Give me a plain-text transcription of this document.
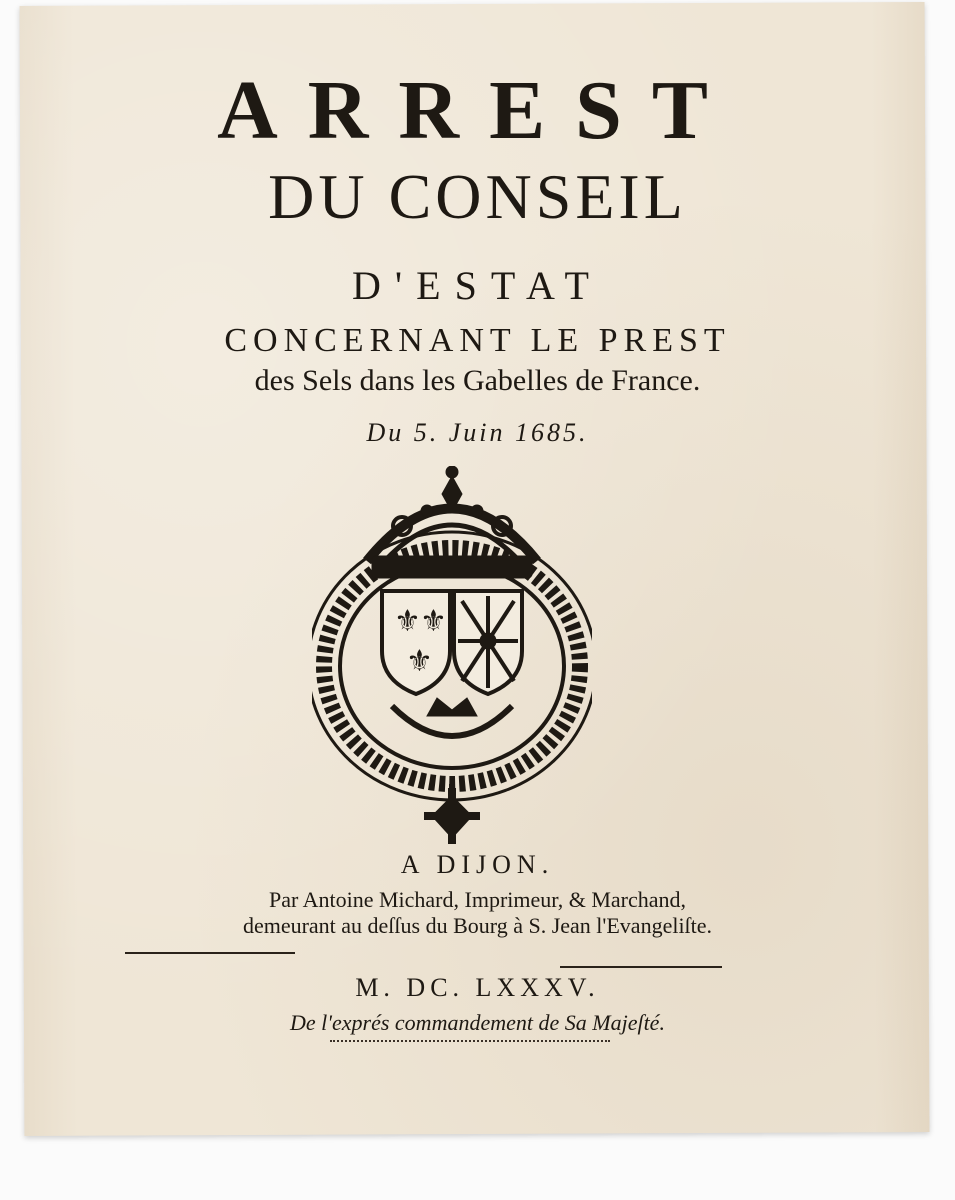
ARREST
DU CONSEIL
D'ESTAT
CONCERNANT LE PREST
des Sels dans les Gabelles de France.
Du 5. Juin 1685.
⚜ ⚜
⚜
A DIJON.
Par Antoine Michard, Imprimeur, & Marchand,
demeurant au deſſus du Bourg à S. Jean l'Evangeliſte.
M. DC. LXXXV.
De l'exprés commandement de Sa Majeſté.
